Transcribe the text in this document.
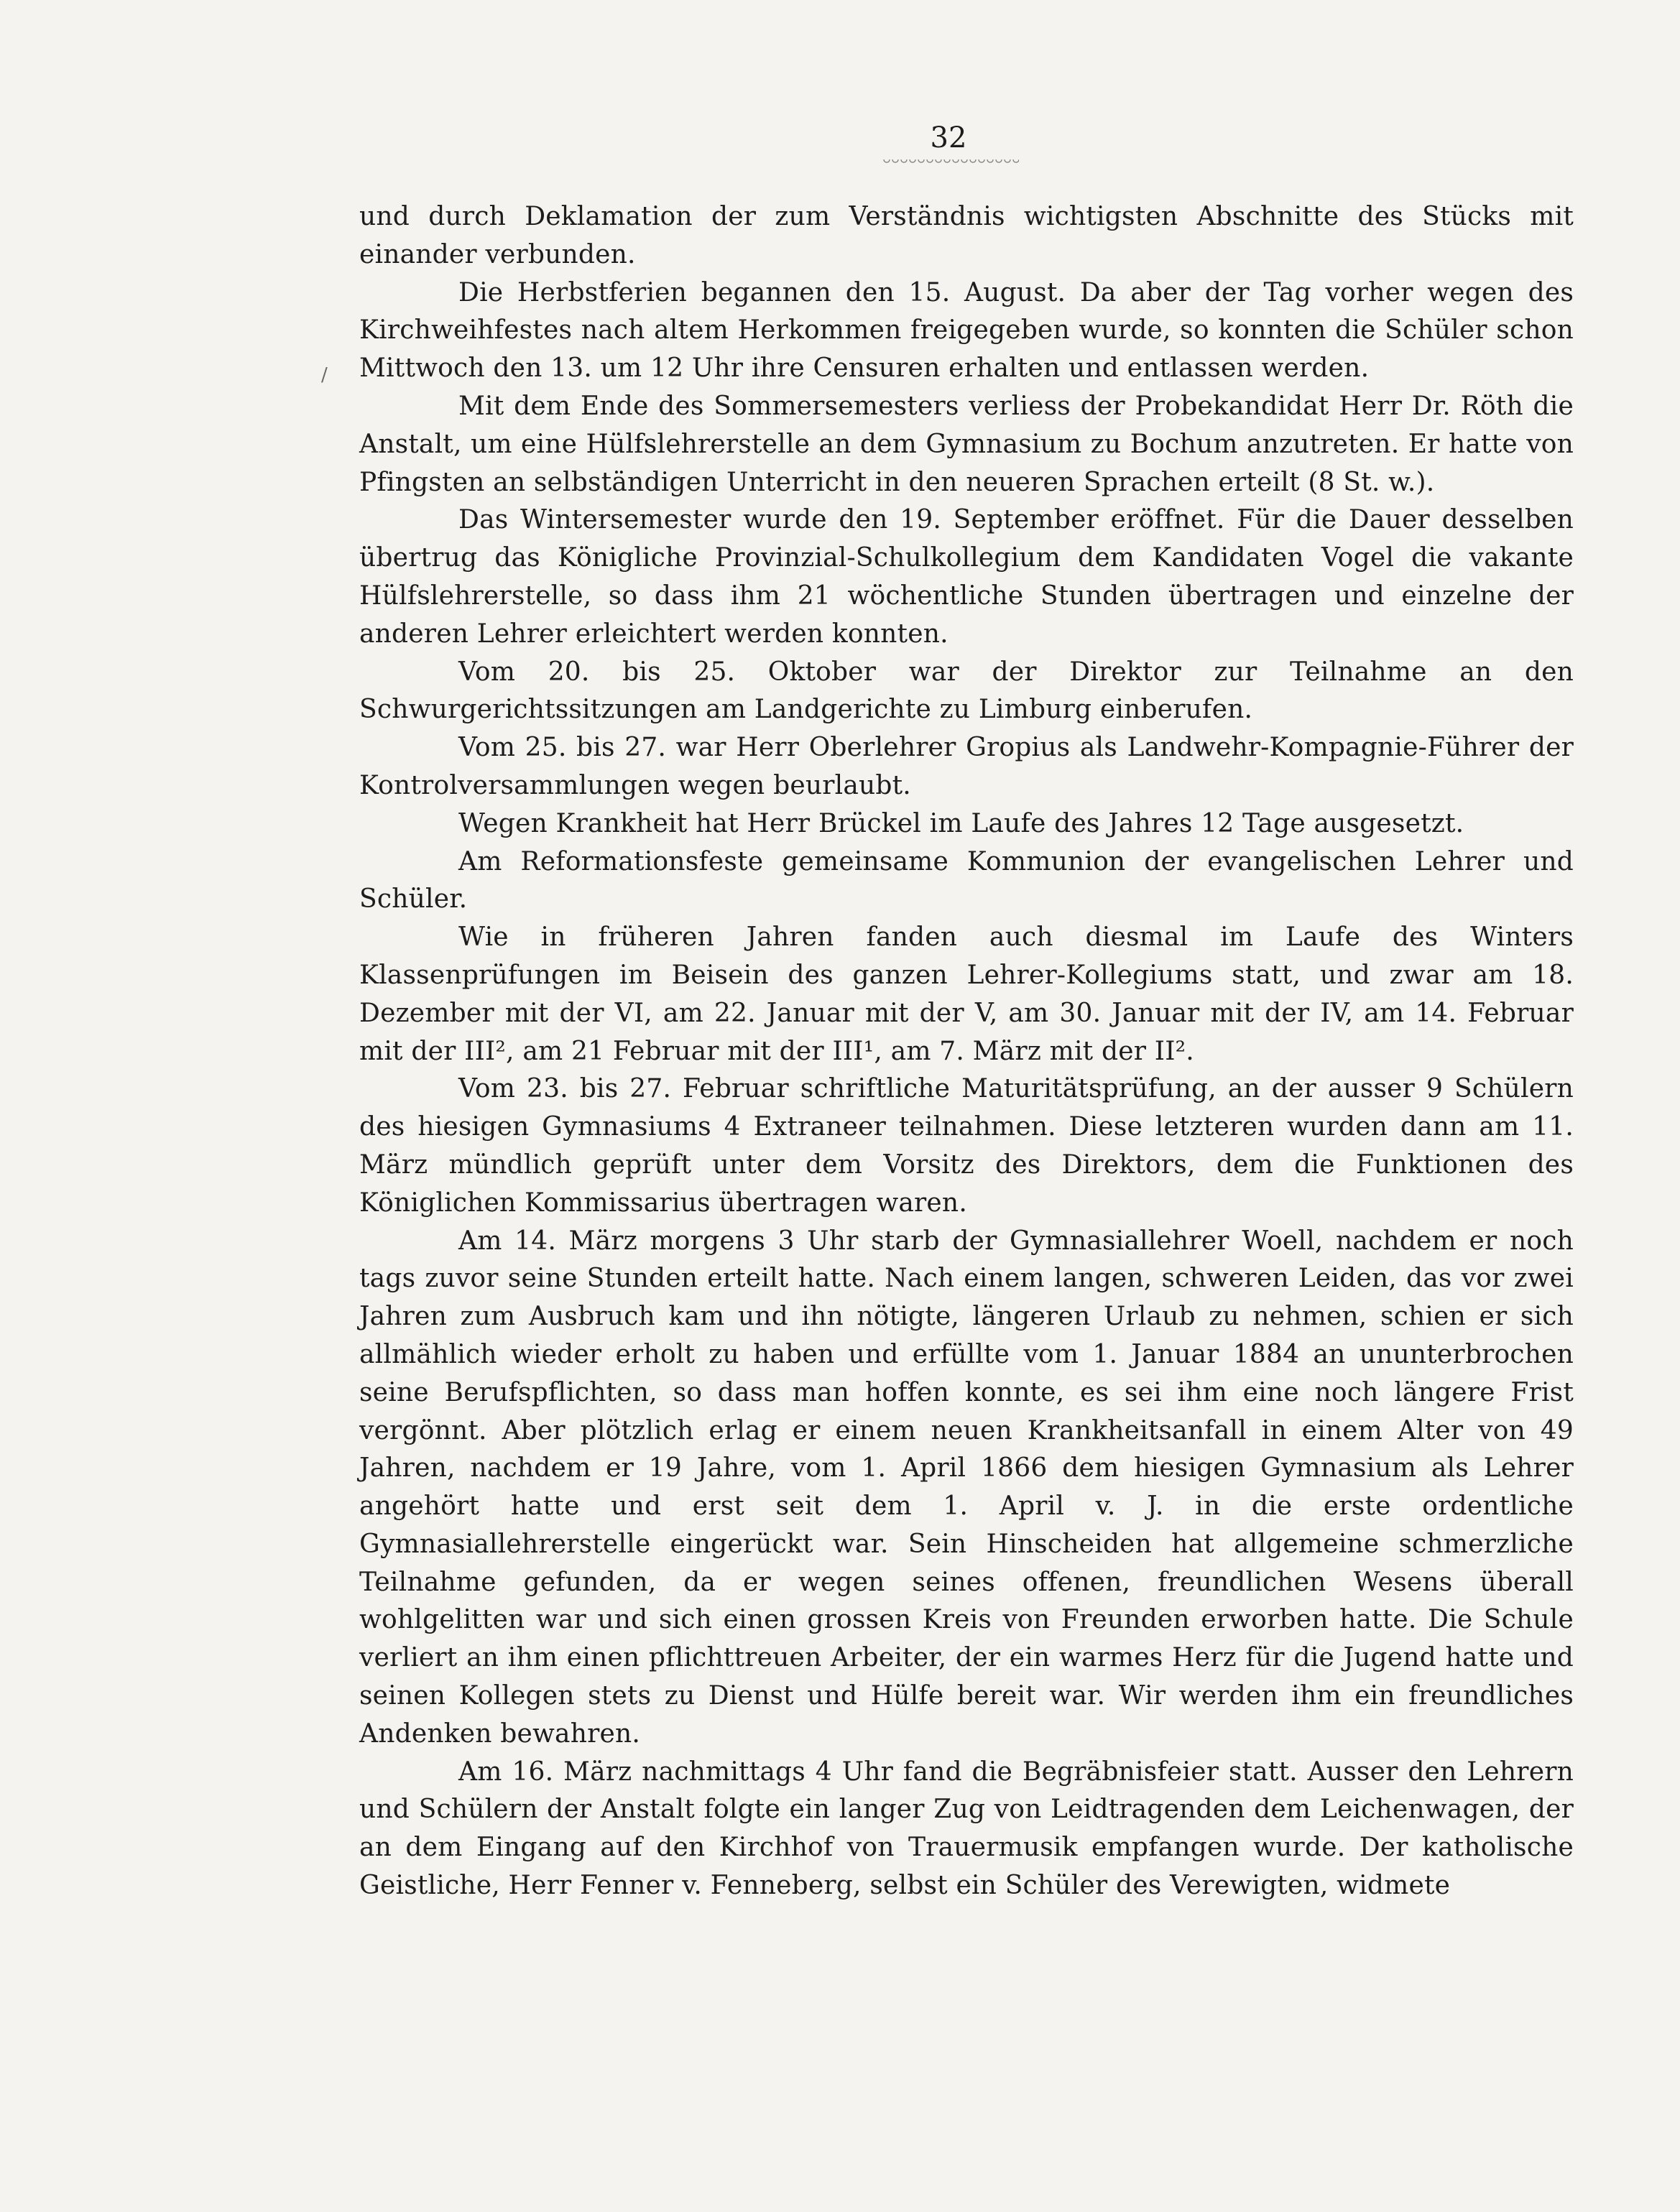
32
/

und durch Deklamation der zum Verständnis wichtigsten Abschnitte des Stücks mit einander verbunden.

Die Herbstferien begannen den 15. August. Da aber der Tag vorher wegen des Kirchweihfestes nach altem Herkommen freigegeben wurde, so konnten die Schüler schon Mittwoch den 13. um 12 Uhr ihre Censuren erhalten und entlassen werden.

Mit dem Ende des Sommersemesters verliess der Probekandidat Herr Dr. Röth die Anstalt, um eine Hülfslehrerstelle an dem Gymnasium zu Bochum anzutreten. Er hatte von Pfingsten an selbständigen Unterricht in den neueren Sprachen erteilt (8 St. w.).

Das Wintersemester wurde den 19. September eröffnet. Für die Dauer desselben übertrug das Königliche Provinzial-Schulkollegium dem Kandidaten Vogel die vakante Hülfslehrerstelle, so dass ihm 21 wöchentliche Stunden übertragen und einzelne der anderen Lehrer erleichtert werden konnten.

Vom 20. bis 25. Oktober war der Direktor zur Teilnahme an den Schwurgerichtssitzungen am Landgerichte zu Limburg einberufen.

Vom 25. bis 27. war Herr Oberlehrer Gropius als Landwehr-Kompagnie-Führer der Kontrolversammlungen wegen beurlaubt.

Wegen Krankheit hat Herr Brückel im Laufe des Jahres 12 Tage ausgesetzt.

Am Reformationsfeste gemeinsame Kommunion der evangelischen Lehrer und Schüler.

Wie in früheren Jahren fanden auch diesmal im Laufe des Winters Klassenprüfungen im Beisein des ganzen Lehrer-Kollegiums statt, und zwar am 18. Dezember mit der VI, am 22. Januar mit der V, am 30. Januar mit der IV, am 14. Februar mit der III², am 21 Februar mit der III¹, am 7. März mit der II².

Vom 23. bis 27. Februar schriftliche Maturitätsprüfung, an der ausser 9 Schülern des hiesigen Gymnasiums 4 Extraneer teilnahmen. Diese letzteren wurden dann am 11. März mündlich geprüft unter dem Vorsitz des Direktors, dem die Funktionen des Königlichen Kommissarius übertragen waren.

Am 14. März morgens 3 Uhr starb der Gymnasiallehrer Woell, nachdem er noch tags zuvor seine Stunden erteilt hatte. Nach einem langen, schweren Leiden, das vor zwei Jahren zum Ausbruch kam und ihn nötigte, längeren Urlaub zu nehmen, schien er sich allmählich wieder erholt zu haben und erfüllte vom 1. Januar 1884 an ununterbrochen seine Berufspflichten, so dass man hoffen konnte, es sei ihm eine noch längere Frist vergönnt. Aber plötzlich erlag er einem neuen Krankheitsanfall in einem Alter von 49 Jahren, nachdem er 19 Jahre, vom 1. April 1866 dem hiesigen Gymnasium als Lehrer angehört hatte und erst seit dem 1. April v. J. in die erste ordentliche Gymnasiallehrerstelle eingerückt war. Sein Hinscheiden hat allgemeine schmerzliche Teilnahme gefunden, da er wegen seines offenen, freundlichen Wesens überall wohlgelitten war und sich einen grossen Kreis von Freunden erworben hatte. Die Schule verliert an ihm einen pflichttreuen Arbeiter, der ein warmes Herz für die Jugend hatte und seinen Kollegen stets zu Dienst und Hülfe bereit war. Wir werden ihm ein freundliches Andenken bewahren.

Am 16. März nachmittags 4 Uhr fand die Begräbnisfeier statt. Ausser den Lehrern und Schülern der Anstalt folgte ein langer Zug von Leidtragenden dem Leichenwagen, der an dem Eingang auf den Kirchhof von Trauermusik empfangen wurde. Der katholische Geistliche, Herr Fenner v. Fenneberg, selbst ein Schüler des Verewigten, widmete
